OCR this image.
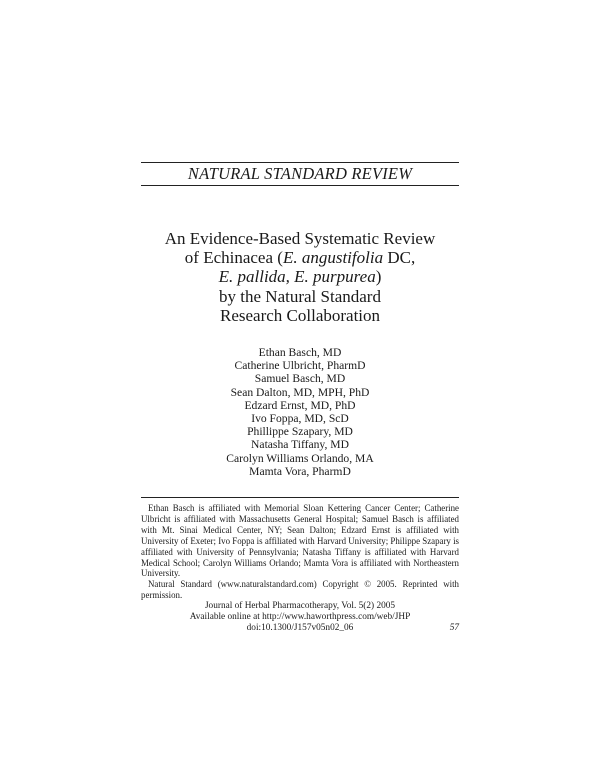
NATURAL STANDARD REVIEW
An Evidence-Based Systematic Review
of Echinacea (E. angustifolia DC,
E. pallida, E. purpurea)
by the Natural Standard
Research Collaboration
Ethan Basch, MD
Catherine Ulbricht, PharmD
Samuel Basch, MD
Sean Dalton, MD, MPH, PhD
Edzard Ernst, MD, PhD
Ivo Foppa, MD, ScD
Phillippe Szapary, MD
Natasha Tiffany, MD
Carolyn Williams Orlando, MA
Mamta Vora, PharmD

Ethan Basch is affiliated with Memorial Sloan Kettering Cancer Center; Catherine Ulbricht is affiliated with Massachusetts General Hospital; Samuel Basch is affiliated with Mt. Sinai Medical Center, NY; Sean Dalton; Edzard Ernst is affiliated with University of Exeter; Ivo Foppa is affiliated with Harvard University; Philippe Szapary is affiliated with University of Pennsylvania; Natasha Tiffany is affiliated with Harvard Medical School; Carolyn Williams Orlando; Mamta Vora is affiliated with Northeastern University.

Natural Standard (www.naturalstandard.com) Copyright © 2005. Reprinted with permission.

Journal of Herbal Pharmacotherapy, Vol. 5(2) 2005
Available online at http://www.haworthpress.com/web/JHP
doi:10.1300/J157v05n02_06	57
